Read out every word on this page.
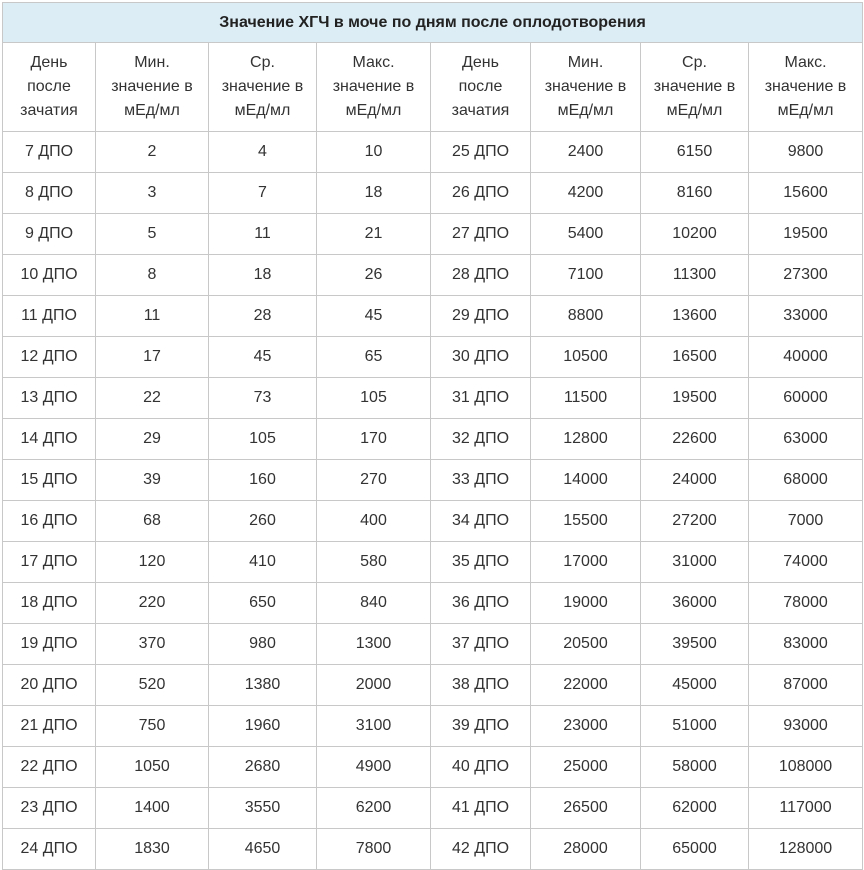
Значение ХГЧ в моче по дням после оплодотворения							

День
после
зачатия	Мин.
значение в
мЕд/мл	Ср.
значение в
мЕд/мл	Макс.
значение в
мЕд/мл	День
после
зачатия	Мин.
значение в
мЕд/мл	Ср.
значение в
мЕд/мл	Макс.
значение в
мЕд/мл

7 ДПО	2	4	10	25 ДПО	2400	6150	9800
8 ДПО	3	7	18	26 ДПО	4200	8160	15600
9 ДПО	5	11	21	27 ДПО	5400	10200	19500
10 ДПО	8	18	26	28 ДПО	7100	11300	27300
11 ДПО	11	28	45	29 ДПО	8800	13600	33000
12 ДПО	17	45	65	30 ДПО	10500	16500	40000
13 ДПО	22	73	105	31 ДПО	11500	19500	60000
14 ДПО	29	105	170	32 ДПО	12800	22600	63000
15 ДПО	39	160	270	33 ДПО	14000	24000	68000
16 ДПО	68	260	400	34 ДПО	15500	27200	7000
17 ДПО	120	410	580	35 ДПО	17000	31000	74000
18 ДПО	220	650	840	36 ДПО	19000	36000	78000
19 ДПО	370	980	1300	37 ДПО	20500	39500	83000
20 ДПО	520	1380	2000	38 ДПО	22000	45000	87000
21 ДПО	750	1960	3100	39 ДПО	23000	51000	93000
22 ДПО	1050	2680	4900	40 ДПО	25000	58000	108000
23 ДПО	1400	3550	6200	41 ДПО	26500	62000	117000
24 ДПО	1830	4650	7800	42 ДПО	28000	65000	128000
